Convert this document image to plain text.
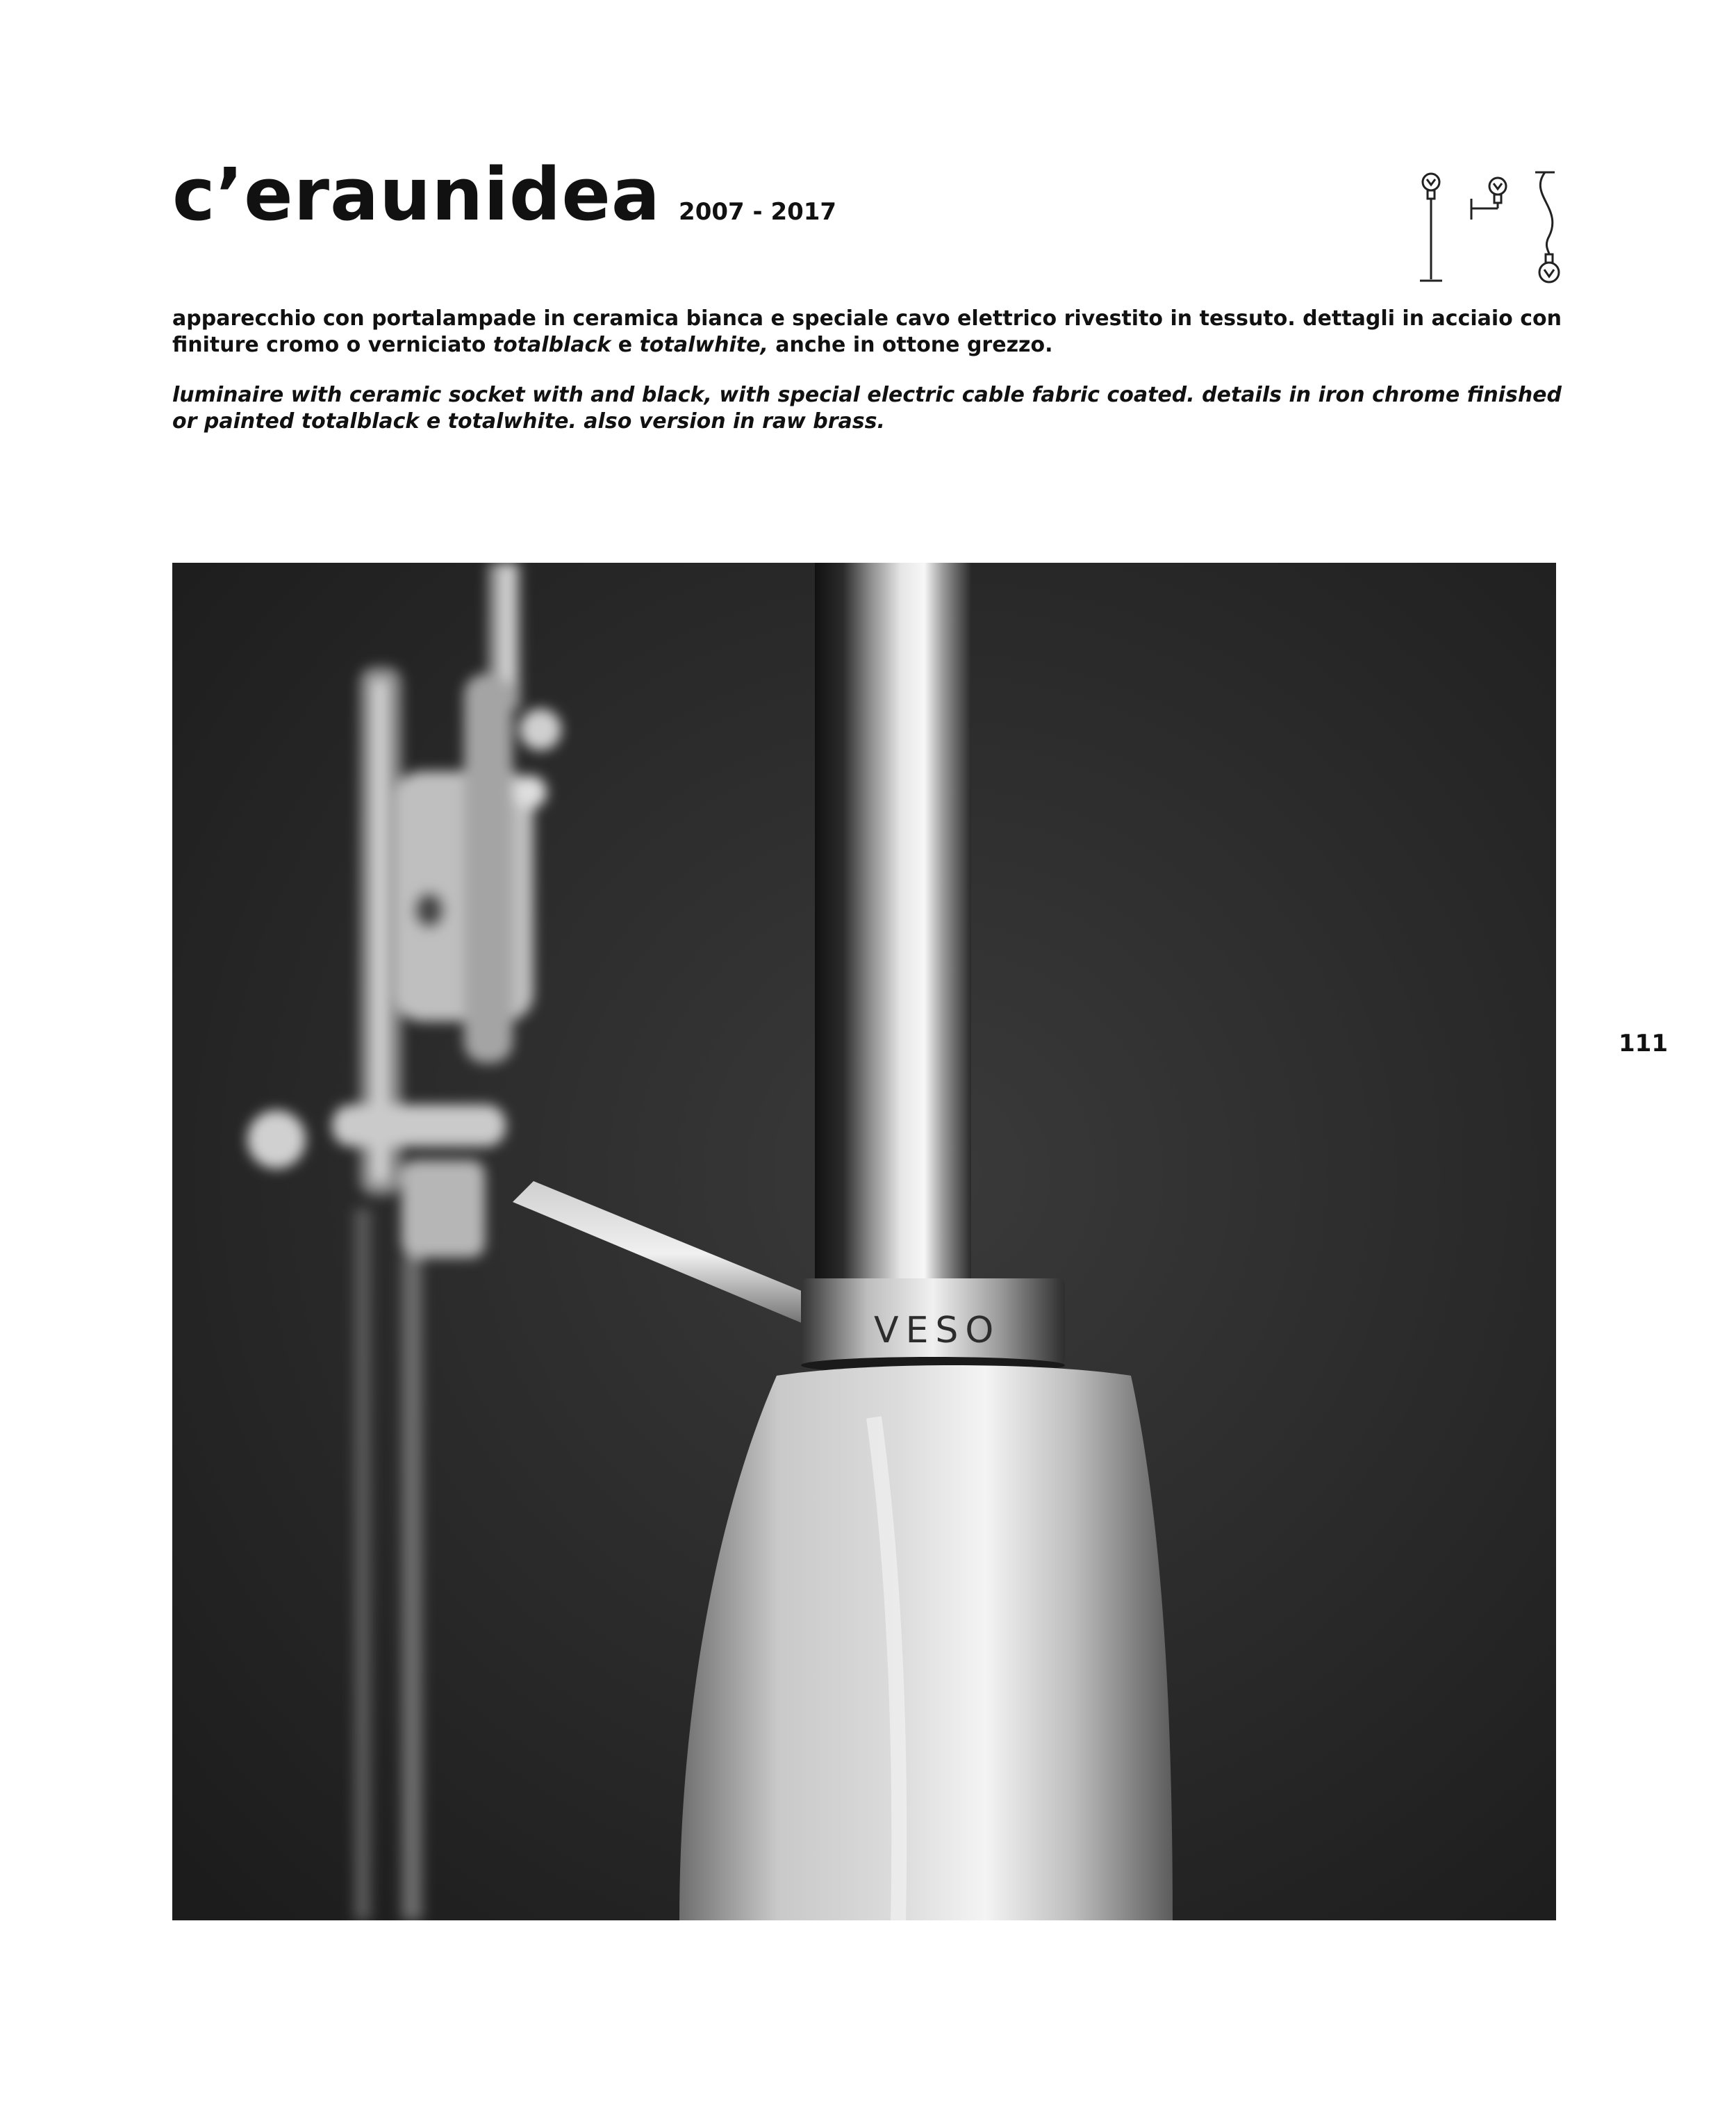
c’eraunidea 2007 - 2017

apparecchio con portalampade in ceramica bianca e speciale cavo elettrico rivestito in tessuto. dettagli in acciaio con finiture cromo o verniciato totalblack e totalwhite, anche in ottone grezzo.

luminaire with ceramic socket with and black, with special electric cable fabric coated. details in iron chrome finished or painted totalblack e totalwhite. also version in raw brass.

VESO
111
